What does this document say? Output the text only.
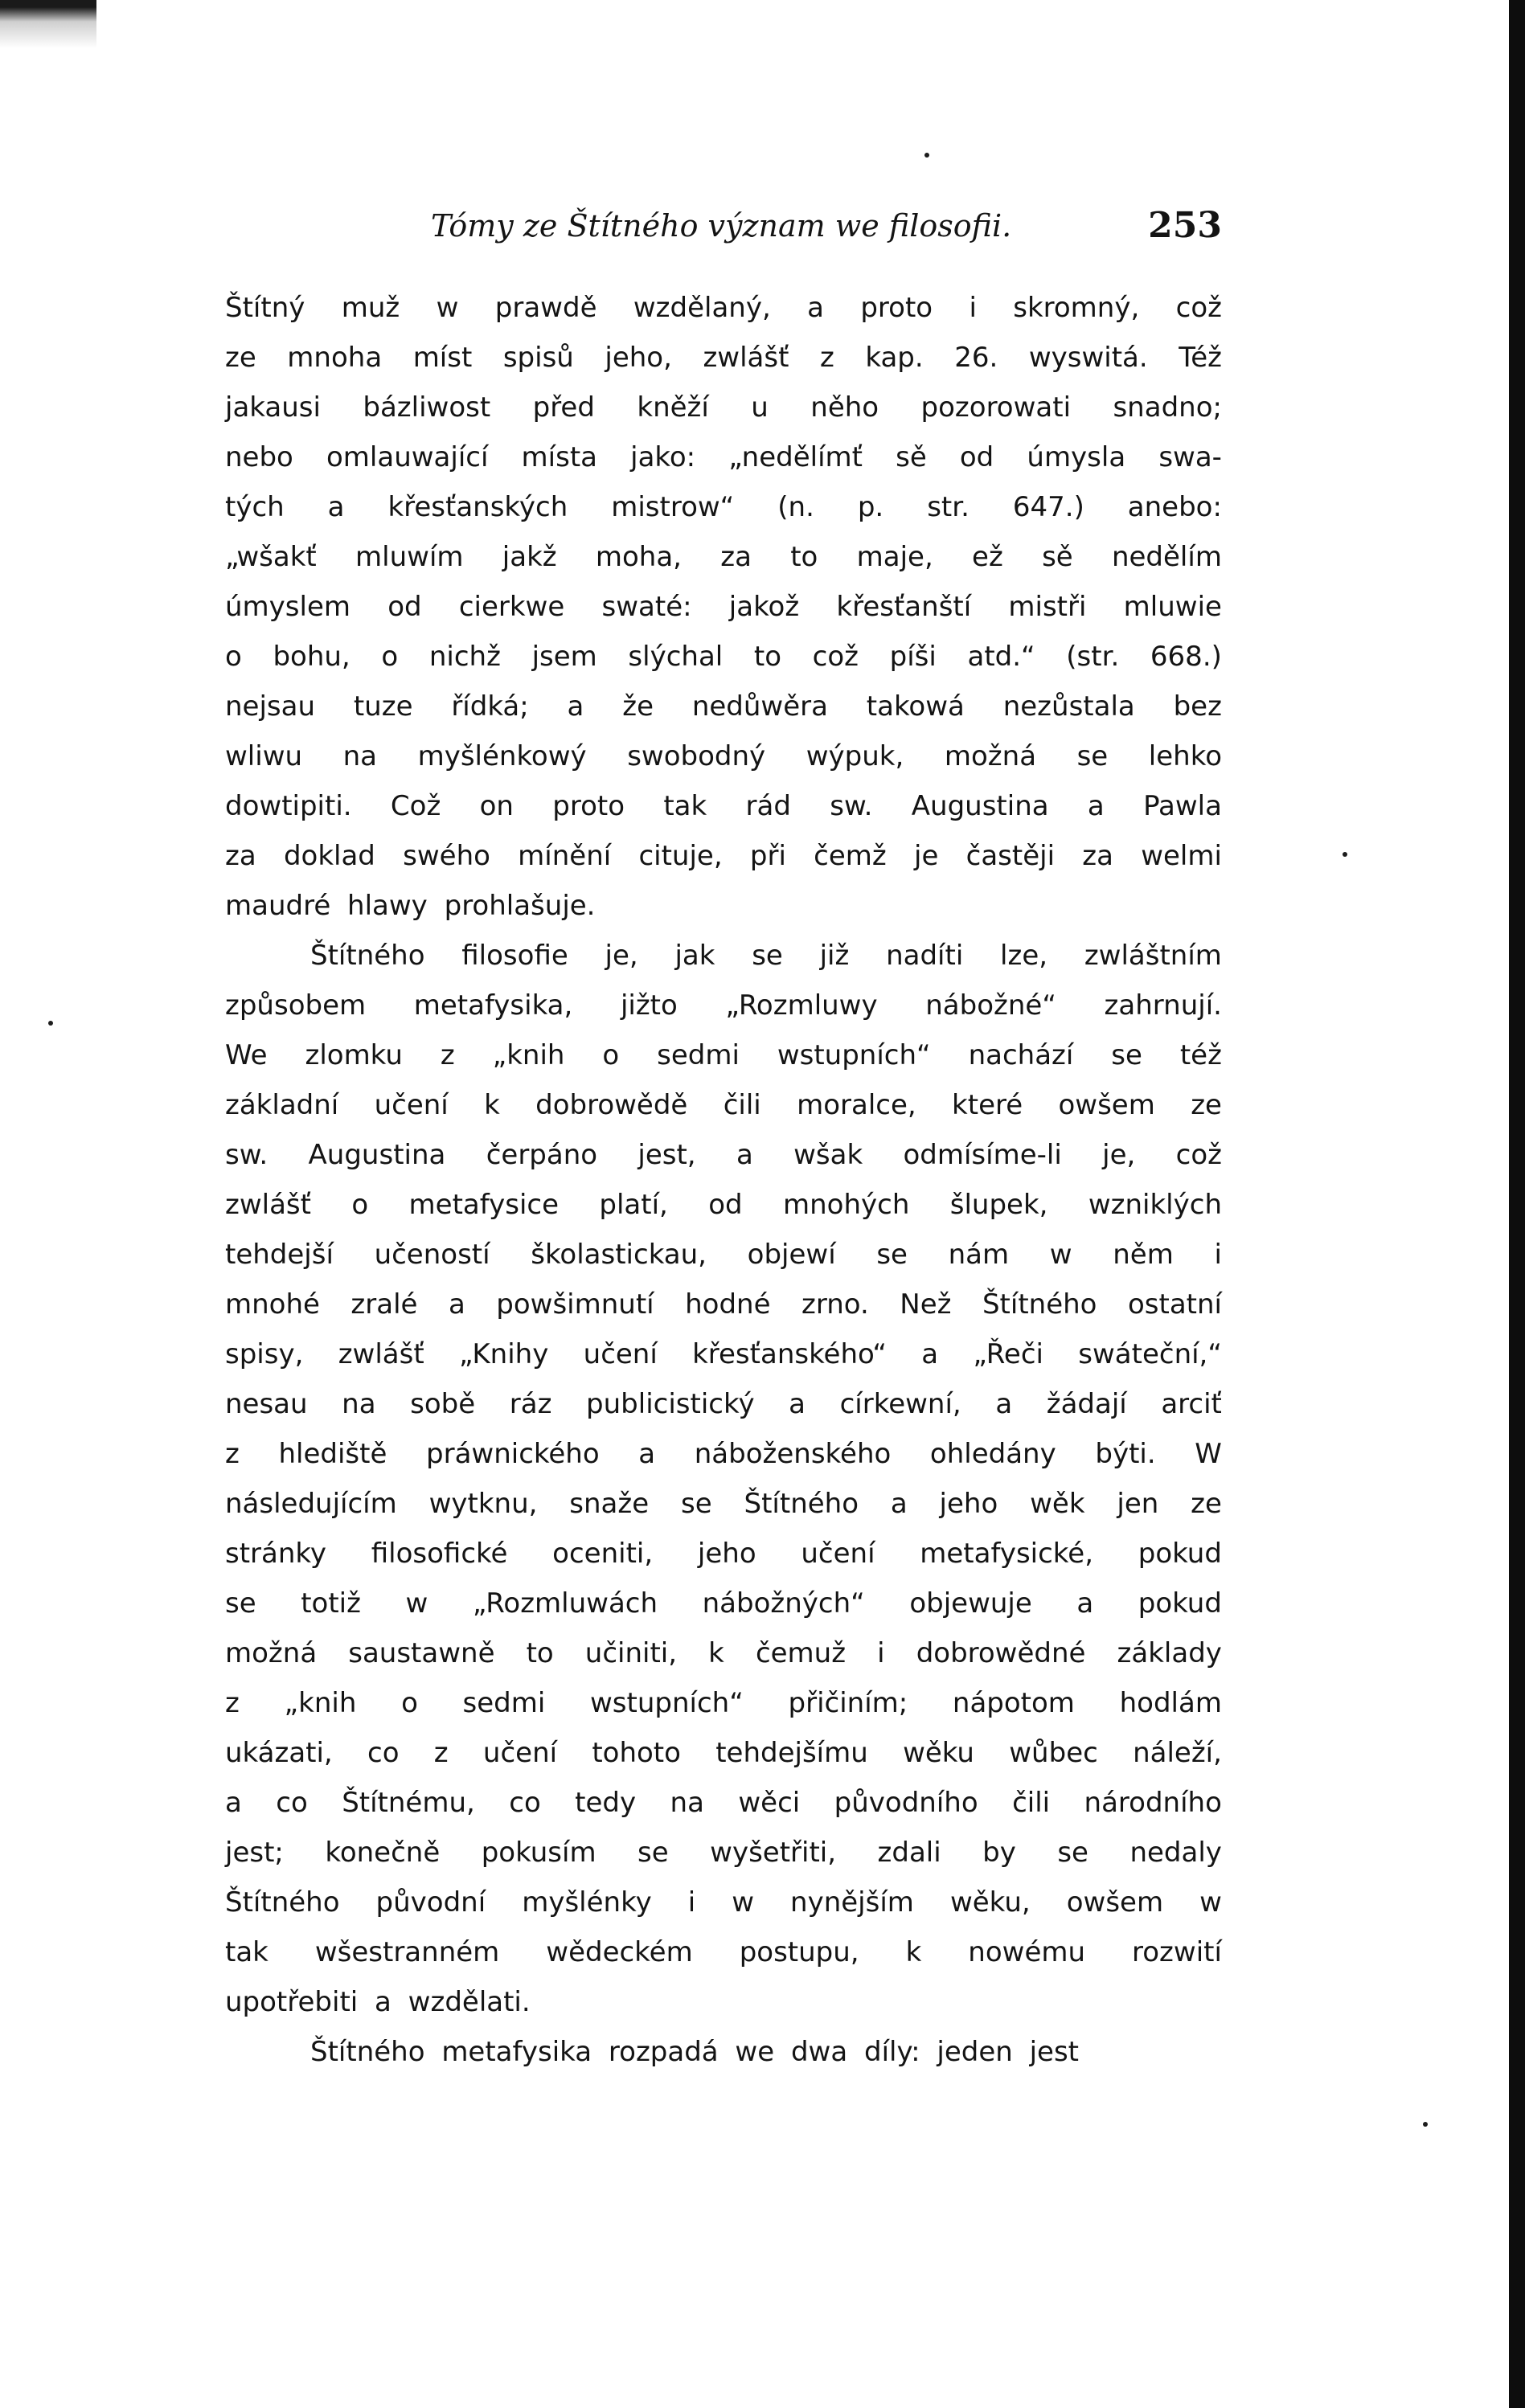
Tómy ze Štítného význam we filosofii.	253
Štítný muž w prawdě wzdělaný, a proto i skromný, což
ze mnoha míst spisů jeho, zwlášť z kap. 26. wyswitá. Též
jakausi bázliwost před kněží u něho pozorowati snadno;
nebo omlauwající místa jako: „nedělímť sě od úmysla swa-
tých a křesťanských mistrow“ (n. p. str. 647.) anebo:
„wšakť mluwím jakž moha, za to maje, ež sě nedělím
úmyslem od cierkwe swaté: jakož křesťanští mistři mluwie
o bohu, o nichž jsem slýchal to což píši atd.“ (str. 668.)
nejsau tuze řídká; a že nedůwěra takowá nezůstala bez
wliwu na myšlénkowý swobodný wýpuk, možná se lehko
dowtipiti. Což on proto tak rád sw. Augustina a Pawla
za doklad swého mínění cituje, při čemž je častěji za welmi
maudré hlawy prohlašuje.
Štítného filosofie je, jak se již nadíti lze, zwláštním
způsobem metafysika, jižto „Rozmluwy nábožné“ zahrnují.
We zlomku z „knih o sedmi wstupních“ nachází se též
základní učení k dobrowědě čili moralce, které owšem ze
sw. Augustina čerpáno jest, a wšak odmísíme-li je, což
zwlášť o metafysice platí, od mnohých šlupek, wzniklých
tehdejší učeností školastickau, objewí se nám w něm i
mnohé zralé a powšimnutí hodné zrno. Než Štítného ostatní
spisy, zwlášť „Knihy učení křesťanského“ a „Řeči swáteční,“
nesau na sobě ráz publicistický a církewní, a žádají arciť
z hlediště práwnického a náboženského ohledány býti. W
následujícím wytknu, snaže se Štítného a jeho wěk jen ze
stránky filosofické oceniti, jeho učení metafysické, pokud
se totiž w „Rozmluwách nábožných“ objewuje a pokud
možná saustawně to učiniti, k čemuž i dobrowědné základy
z „knih o sedmi wstupních“ přičiním; nápotom hodlám
ukázati, co z učení tohoto tehdejšímu wěku wůbec náleží,
a co Štítnému, co tedy na wěci původního čili národního
jest; konečně pokusím se wyšetřiti, zdali by se nedaly
Štítného původní myšlénky i w nynějším wěku, owšem w
tak wšestranném wědeckém postupu, k nowému rozwití
upotřebiti a wzdělati.
Štítného metafysika rozpadá we dwa díly: jeden jest
